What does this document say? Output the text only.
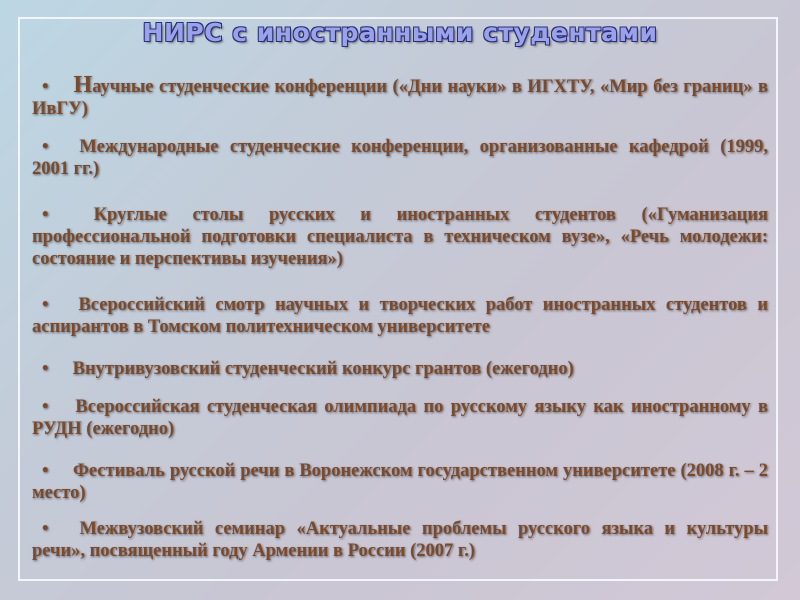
НИРС с иностранными студентами
• Научные студенческие конференции («Дни науки» в ИГХТУ, «Мир без границ» в ИвГУ)
• Международные студенческие конференции, организованные кафедрой (1999, 2001 гг.)
• Круглые столы русских и иностранных студентов («Гуманизация профессиональной подготовки специалиста в техническом вузе», «Речь молодежи: состояние и перспективы изучения»)
• Всероссийский смотр научных и творческих работ иностранных студентов и аспирантов в Томском политехническом университете
• Внутривузовский студенческий конкурс грантов (ежегодно)
• Всероссийская студенческая олимпиада по русскому языку как иностранному в РУДН (ежегодно)
• Фестиваль русской речи в Воронежском государственном университете (2008 г. – 2 место)
• Межвузовский семинар «Актуальные проблемы русского языка и культуры речи», посвященный году Армении в России (2007 г.)
